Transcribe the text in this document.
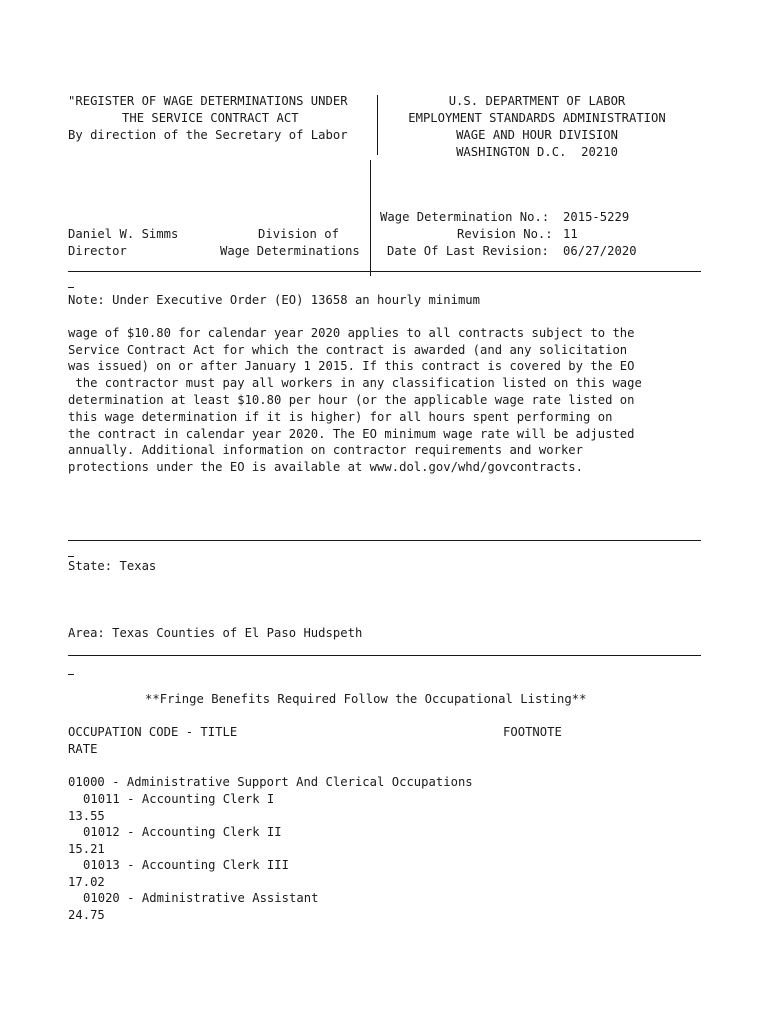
"REGISTER OF WAGE DETERMINATIONS UNDER
THE SERVICE CONTRACT ACT
By direction of the Secretary of Labor
U.S. DEPARTMENT OF LABOR
EMPLOYMENT STANDARDS ADMINISTRATION
WAGE AND HOUR DIVISION
WASHINGTON D.C.  20210
Daniel W. Simms
Director
Division of
Wage Determinations
Wage Determination No.: 2015-5229
Revision No.: 11
Date Of Last Revision: 06/27/2020
Note: Under Executive Order (EO) 13658 an hourly minimum
wage of $10.80 for calendar year 2020 applies to all contracts subject to the
Service Contract Act for which the contract is awarded (and any solicitation
was issued) on or after January 1 2015. If this contract is covered by the EO
the contractor must pay all workers in any classification listed on this wage
determination at least $10.80 per hour (or the applicable wage rate listed on
this wage determination if it is higher) for all hours spent performing on
the contract in calendar year 2020. The EO minimum wage rate will be adjusted
annually. Additional information on contractor requirements and worker
protections under the EO is available at www.dol.gov/whd/govcontracts.
State: Texas
Area: Texas Counties of El Paso Hudspeth
**Fringe Benefits Required Follow the Occupational Listing**
OCCUPATION CODE - TITLE	FOOTNOTE
RATE
01000 - Administrative Support And Clerical Occupations
01011 - Accounting Clerk I
13.55
01012 - Accounting Clerk II
15.21
01013 - Accounting Clerk III
17.02
01020 - Administrative Assistant
24.75
